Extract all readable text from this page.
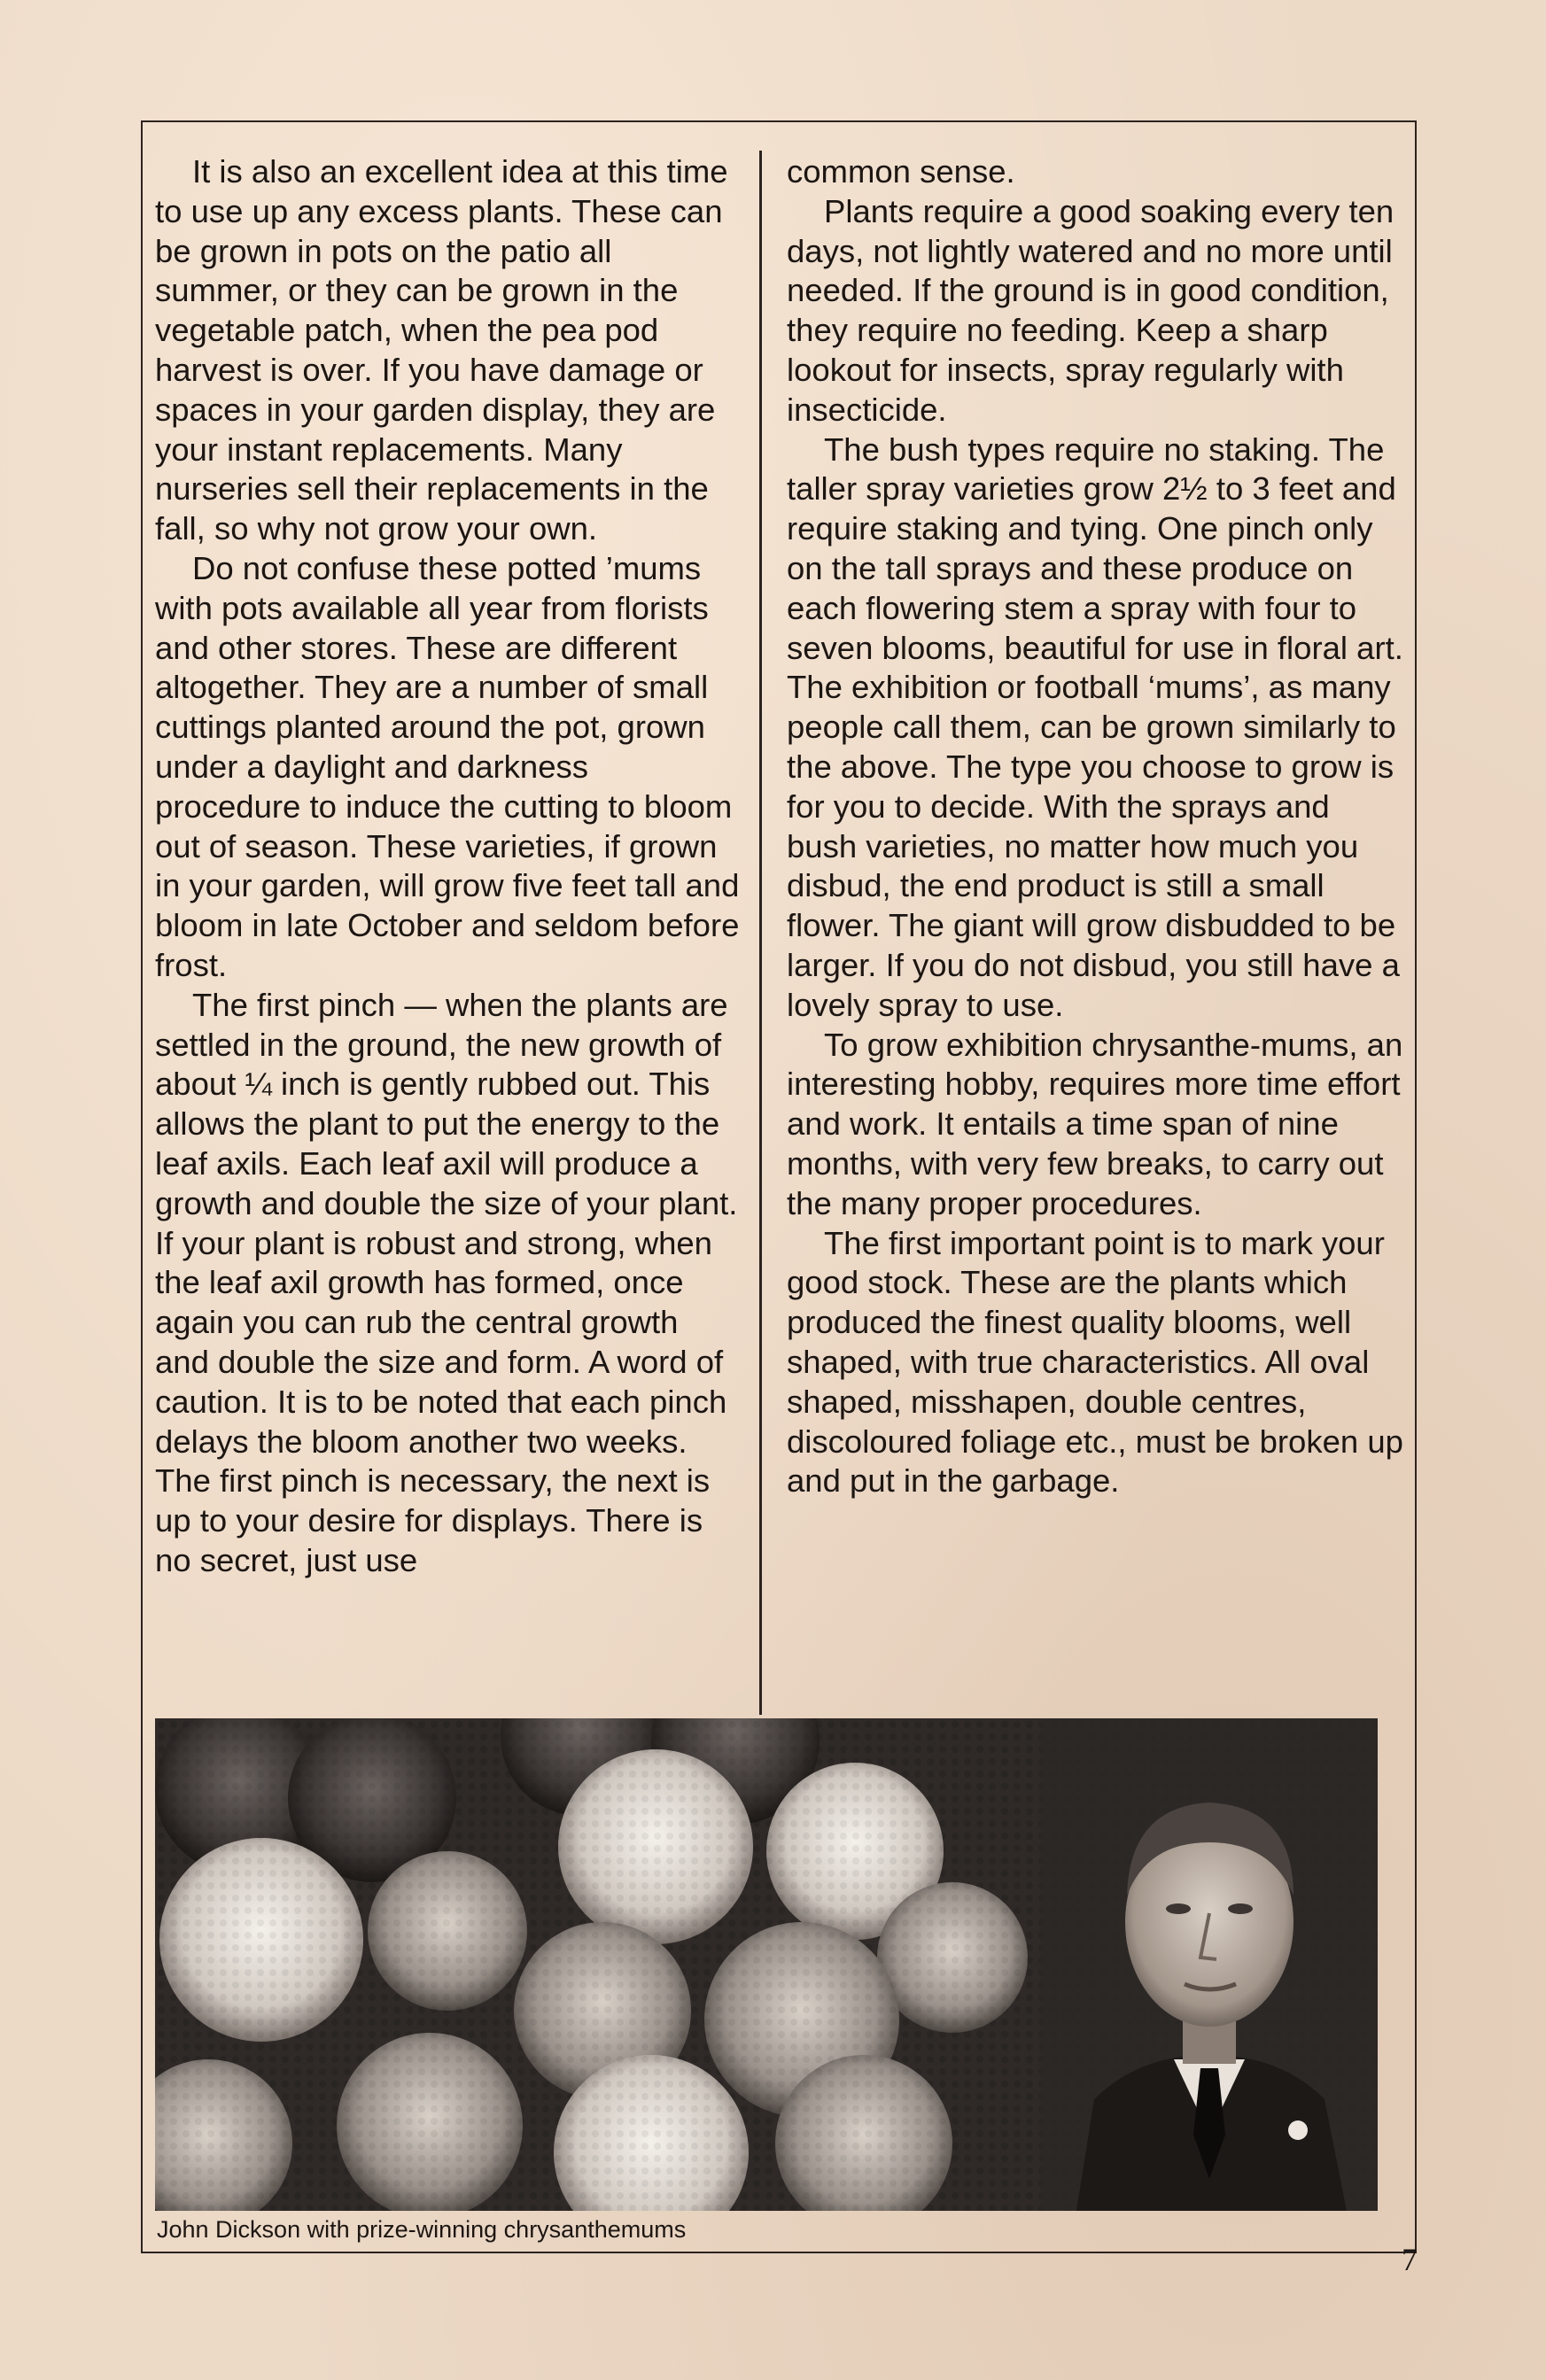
It is also an excellent idea at this time to use up any excess plants. These can be grown in pots on the patio all summer, or they can be grown in the vegetable patch, when the pea pod harvest is over. If you have damage or spaces in your garden display, they are your instant replacements. Many nurseries sell their replacements in the fall, so why not grow your own.

Do not confuse these potted ’mums with pots available all year from florists and other stores. These are different altogether. They are a number of small cuttings planted around the pot, grown under a daylight and darkness procedure to induce the cutting to bloom out of season. These varieties, if grown in your garden, will grow five feet tall and bloom in late October and seldom before frost.

The first pinch — when the plants are settled in the ground, the new growth of about ¼ inch is gently rubbed out. This allows the plant to put the energy to the leaf axils. Each leaf axil will produce a growth and double the size of your plant. If your plant is robust and strong, when the leaf axil growth has formed, once again you can rub the central growth and double the size and form. A word of caution. It is to be noted that each pinch delays the bloom another two weeks. The first pinch is necessary, the next is up to your desire for displays. There is no secret, just use

common sense.

Plants require a good soaking every ten days, not lightly watered and no more until needed. If the ground is in good condition, they require no feeding. Keep a sharp lookout for insects, spray regularly with insecticide.

The bush types require no staking. The taller spray varieties grow 2½ to 3 feet and require staking and tying. One pinch only on the tall sprays and these produce on each flowering stem a spray with four to seven blooms, beautiful for use in floral art. The exhibition or football ‘mums’, as many people call them, can be grown similarly to the above. The type you choose to grow is for you to decide. With the sprays and bush varieties, no matter how much you disbud, the end product is still a small flower. The giant will grow disbudded to be larger. If you do not disbud, you still have a lovely spray to use.

To grow exhibition chrysanthe-mums, an interesting hobby, requires more time effort and work. It entails a time span of nine months, with very few breaks, to carry out the many proper procedures.

The first important point is to mark your good stock. These are the plants which produced the finest quality blooms, well shaped, with true characteristics. All oval shaped, misshapen, double centres, discoloured foliage etc., must be broken up and put in the garbage.

John Dickson with prize-winning chrysanthemums
7
